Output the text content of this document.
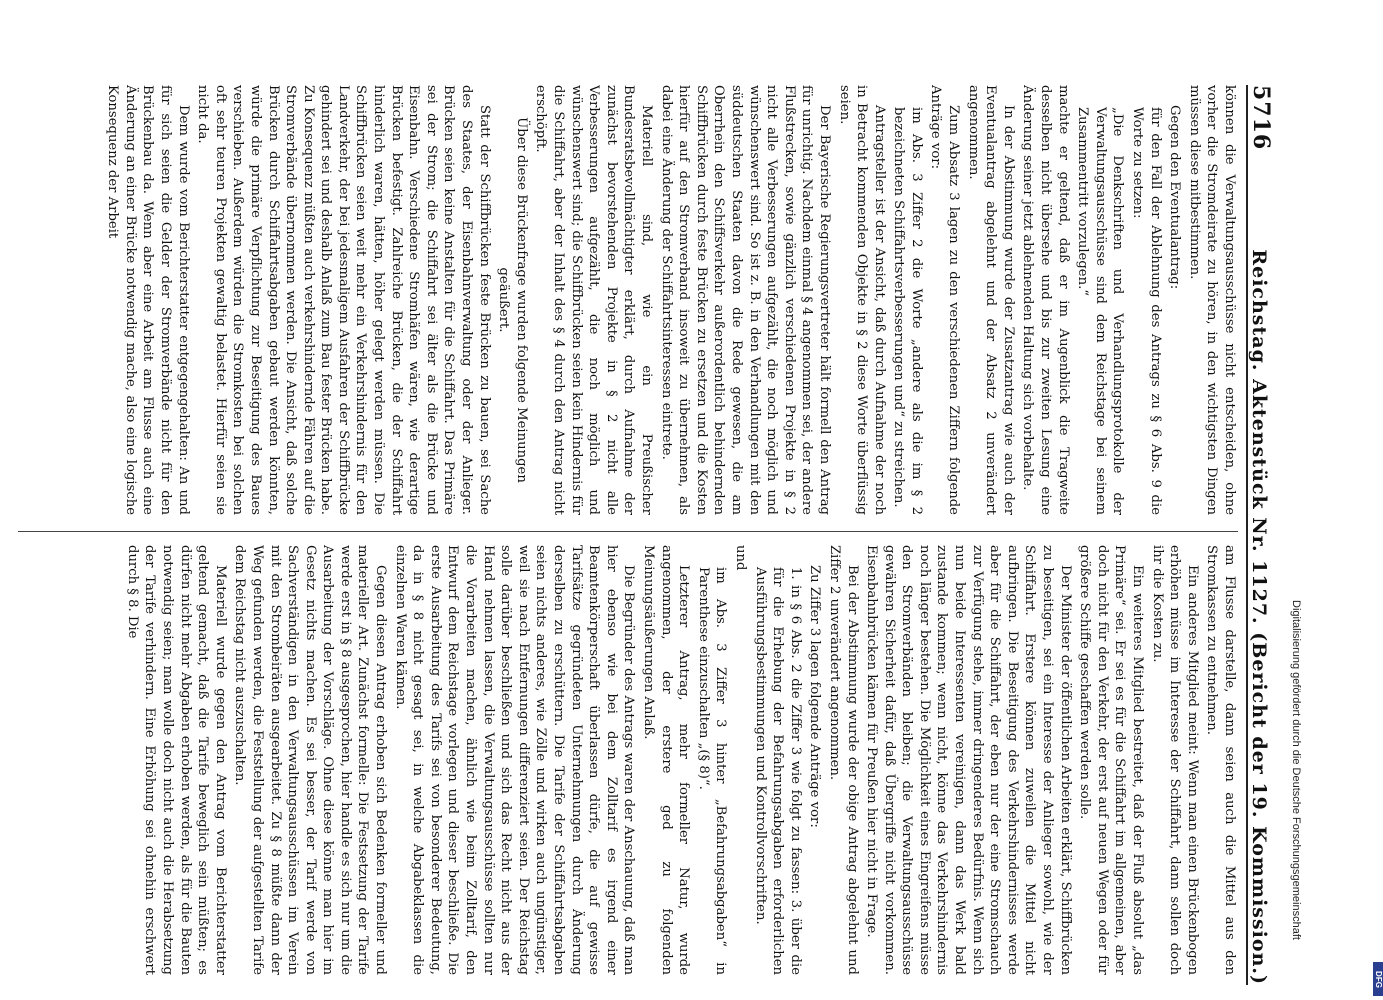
5716
Reichstag. Aktenstück Nr. 1127. (Bericht der 19. Kommission.)

können die Verwaltungsausschüsse nicht entscheiden, ohne vorher die Stromdeirate zu hören, in den wichtigsten Dingen müssen diese mitbestimmen.

Gegen den Eventualantrag:

für den Fall der Ablehnung des Antrags zu § 6 Abs. 9 die Worte zu setzen:

„Die Denkschriften und Verhandlungsprotokolle der Verwaltungsausschüsse sind dem Reichstage bei seinem Zusammentritt vorzulegen.“

machte er geltend, daß er im Augenblick die Tragweite desselben nicht übersehe und bis zur zweiten Lesung eine Änderung seiner jetzt ablehnenden Haltung sich vorbehalte.

In der Abstimmung wurde der Zusatzantrag wie auch der Eventualantrag abgelehnt und der Absatz 2 unverändert angenommen.

Zum Absatz 3 lagen zu den verschiedenen Ziffern folgende Anträge vor:

im Abs. 3 Ziffer 2 die Worte „andere als die im § 2 bezeichneten Schiffahrtsverbesserungen und“ zu streichen.

Antragsteller ist der Ansicht, daß durch Aufnahme der noch in Betracht kommenden Objekte in § 2 diese Worte überflüssig seien.

Der Bayerische Regierungsvertreter hält formell den Antrag für unrichtig. Nachdem einmal § 4 angenommen sei, der andere Flußstrecken, sowie gänzlich verschiedenen Projekte in § 2 nicht alle Verbesserungen aufgezählt, die noch möglich und wünschenswert sind. So ist z. B. in den Verhandlungen mit den süddeutschen Staaten davon die Rede gewesen, die am Oberrhein den Schiffsverkehr außerordentlich behindernden Schiffbrücken durch feste Brücken zu ersetzen und die Kosten hierfür auf den Stromverband insoweit zu übernehmen, als dabei eine Änderung der Schiffahrtsinteressen eintrete.

Materiell sind, wie ein Preußischer Bundesratsbevollmächtigter erklärt, durch Aufnahme der zunächst bevorstehenden Projekte in § 2 nicht alle Verbesserungen aufgezählt, die noch möglich und wünschenswert sind; die Schiffbrücken seien kein Hindernis für die Schiffahrt, aber der Inhalt des § 4 durch den Antrag nicht erschöpft.

Über diese Brückenfrage wurden folgende Meinungen geäußert.

Statt der Schiffbrücken feste Brücken zu bauen, sei Sache des Staates, der Eisenbahnverwaltung oder der Anlieger. Brücken seien keine Anstalten für die Schiffahrt. Das Primäre sei der Strom; die Schiffahrt sei älter als die Brücke und Eisenbahn. Verschiedene Stromhäfen wären, wie derartige Brücken befestigt. Zahlreiche Brücken, die der Schiffahrt hinderlich waren, hätten, höher gelegt werden müssen. Die Schiffbrücken seien weit mehr ein Verkehrshindernis für den Landverkehr, der bei jedesmaligem Ausfahren der Schiffbrücke gehindert sei und deshalb Anlaß zum Bau fester Brücken habe. Zu Konsequenz müßten auch verkehrshindernde Fähren auf die Stromverbände übernommen werden. Die Ansicht, daß solche Brücken durch Schiffahrtsabgaben gebaut werden könnten, würde die primäre Verpflichtung zur Beseitigung des Baues verschieben. Außerdem würden die Stromkosten bei solchen oft sehr teuren Projekten gewaltig belastet. Hierfür seien sie nicht da.

Dem wurde vom Berichterstatter entgegengehalten: An und für sich seien die Gelder der Stromverbände nicht für den Brückenbau da. Wenn aber eine Arbeit am Flusse auch eine Änderung an einer Brücke notwendig mache, also eine logische Konsequenz der Arbeit

am Flusse darstelle, dann seien auch die Mittel aus den Stromkassen zu entnehmen.

Ein anderes Mitglied meint: Wenn man einen Brückenbogen erhöhen müsse im Interesse der Schiffahrt, dann sollen doch ihr die Kosten zu.

Ein weiteres Mitglied bestreitet, daß der Fluß absolut „das Primäre“ sei. Er sei es für die Schiffahrt im allgemeinen, aber doch nicht für den Verkehr, der erst auf neuen Wegen oder für größere Schiffe geschaffen werden solle.

Der Minister der öffentlichen Arbeiten erklärt, Schiffbrücken zu beseitigen, sei ein Interesse der Anlieger sowohl, wie der Schiffahrt. Erstere können zuweilen die Mittel nicht aufbringen. Die Beseitigung des Verkehrshindernisses werde aber für die Schiffahrt, der eben nur der eine Stromschauch zur Verfügung stehe, immer dringenderes Bedürfnis. Wenn sich nun beide Interessenten vereinigen, dann das Werk bald zustande kommen; wenn nicht, könne das Verkehrshindernis noch länger bestehen. Die Möglichkeit eines Eingreifens müsse den Stromverbänden bleiben; die Verwaltungsausschüsse gewähren Sicherheit dafür, daß Übergriffe nicht vorkommen. Eisenbahnbrücken kämen für Preußen hier nicht in Frage.

Bei der Abstimmung wurde der obige Antrag abgelehnt und Ziffer 2 unverändert angenommen.

Zu Ziffer 3 lagen folgende Anträge vor:

1. in § 6 Abs. 2 die Ziffer 3 wie folgt zu fassen: 3. über die für die Erhebung der Befahrungsabgaben erforderlichen Ausführungsbestimmungen und Kontrollvorschriften.

und

im Abs. 3 Ziffer 3 hinter „Befahrungsabgaben“ in Parenthese einzuschalten „(§ 8)“.

Letzterer Antrag, mehr formeller Natur, wurde angenommen, der erstere ged zu folgenden Meinungsäußerungen Anlaß.

Die Begründer des Antrags waren der Anschauung, daß man hier ebenso wie bei dem Zolltarif es irgend einer Beamtenkörperschaft überlassen dürfe, die auf gewisse Tarifsätze gegründeten Unternehmungen durch Änderung derselben zu erschüttern. Die Tarife der Schiffahrtsabgaben seien nichts anderes, wie Zölle und wirken auch ungünstiger, weil sie nach Entfernungen differenziert seien. Der Reichstag solle darüber beschließen und sich das Recht nicht aus der Hand nehmen lassen, die Verwaltungsausschüsse sollten nur die Vorarbeiten machen, ähnlich wie beim Zolltarif, den Entwurf dem Reichstage vorlegen und dieser beschließe. Die erste Ausarbeitung des Tarifs sei von besonderer Bedeutung, da in § 8 nicht gesagt sei, in welche Abgabeklassen die einzelnen Waren kämen.

Gegen diesen Antrag erhoben sich Bedenken formeller und materieller Art. Zunächst formelle: Die Festsetzung der Tarife werde erst in § 8 ausgesprochen, hier handle es sich nur um die Ausarbeitung der Vorschläge. Ohne diese könne man hier im Gesetz nichts machen. Es sei besser, der Tarif werde von Sachverständigen in den Verwaltungsausschüssen im Verein mit den Strombeiräten ausgearbeitet. Zu § 8 müßte dann der Weg gefunden werden, die Feststellung der aufgestellten Tarife dem Reichstag nicht auszuschalten.

Materiell wurde gegen den Antrag vom Berichterstatter geltend gemacht, daß die Tarife beweglich sein müßten; es dürfen nicht mehr Abgaben erhoben werden, als für die Bauten notwendig seien; man wolle doch nicht auch die Herabsetzung der Tarife verhindern. Eine Erhöhung sei ohnehin erschwert durch § 8. Die

Digitalisierung gefördert durch die Deutsche Forschungsgemeinschaft
DFG
